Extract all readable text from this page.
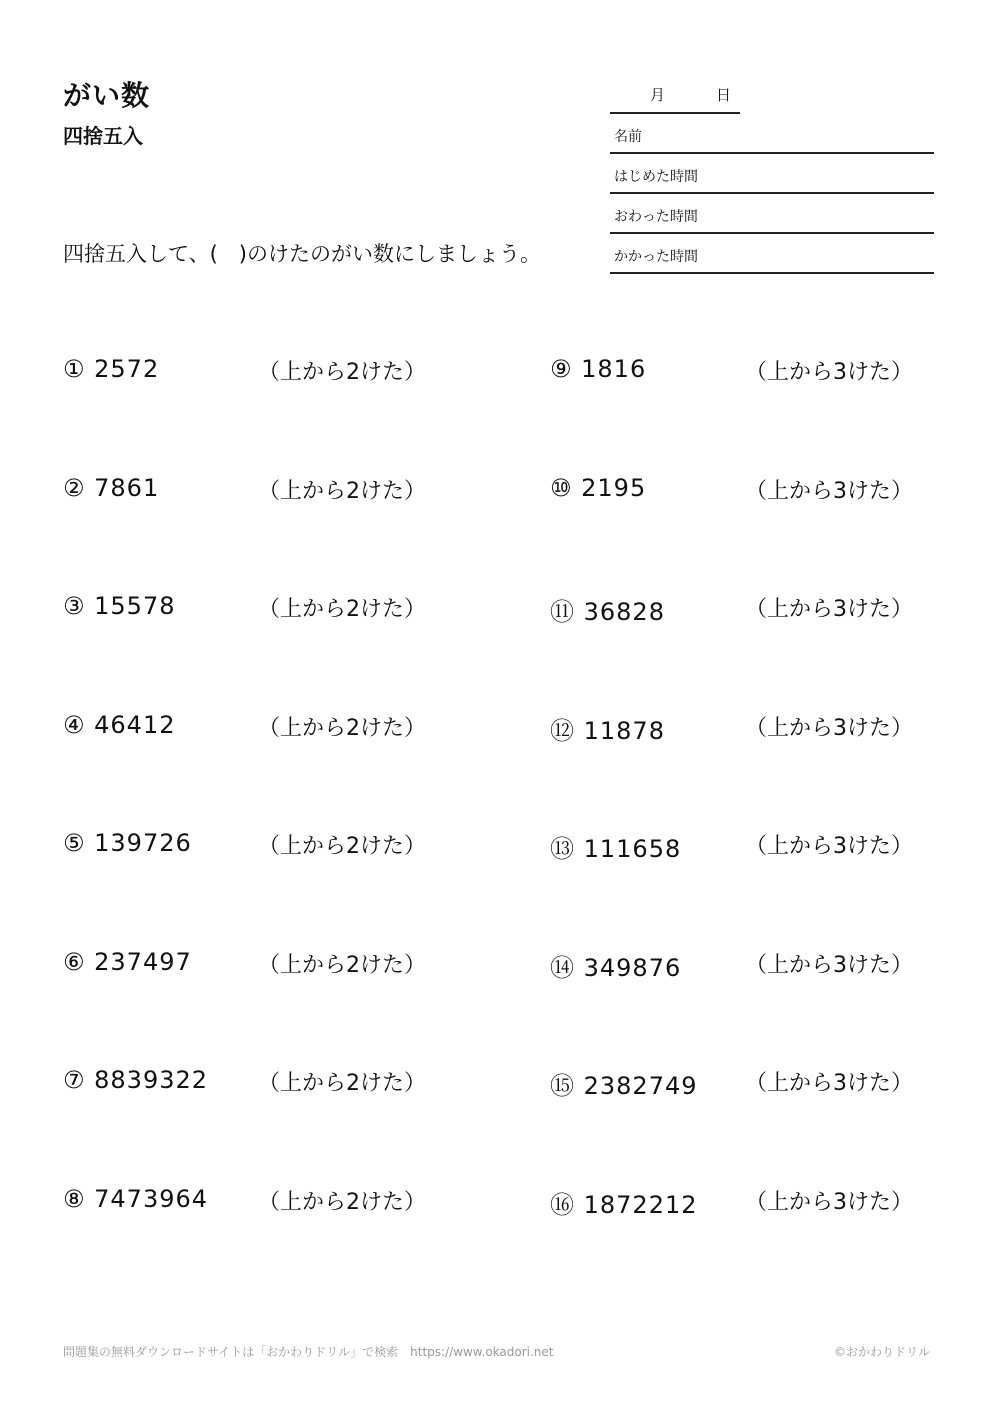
がい数
四捨五入
四捨五入して、(　)のけたのがい数にしましょう。
月	日
名前
はじめた時間
おわった時間
かかった時間
① 2572	（上から2けた）
② 7861	（上から2けた）
③ 15578	（上から2けた）
④ 46412	（上から2けた）
⑤ 139726	（上から2けた）
⑥ 237497	（上から2けた）
⑦ 8839322 （上から2けた）
⑧ 7473964 （上から2けた）
⑨ 1816	（上から3けた）
⑩ 2195	（上から3けた）
⑪ 36828	（上から3けた）
⑫ 11878	（上から3けた）
⑬ 111658	（上から3けた）
⑭ 349876	（上から3けた）
⑮ 2382749 （上から3けた）
⑯ 1872212 （上から3けた）
問題集の無料ダウンロードサイトは「おかわりドリル」で検索　https://www.okadori.net	©おかわりドリル
